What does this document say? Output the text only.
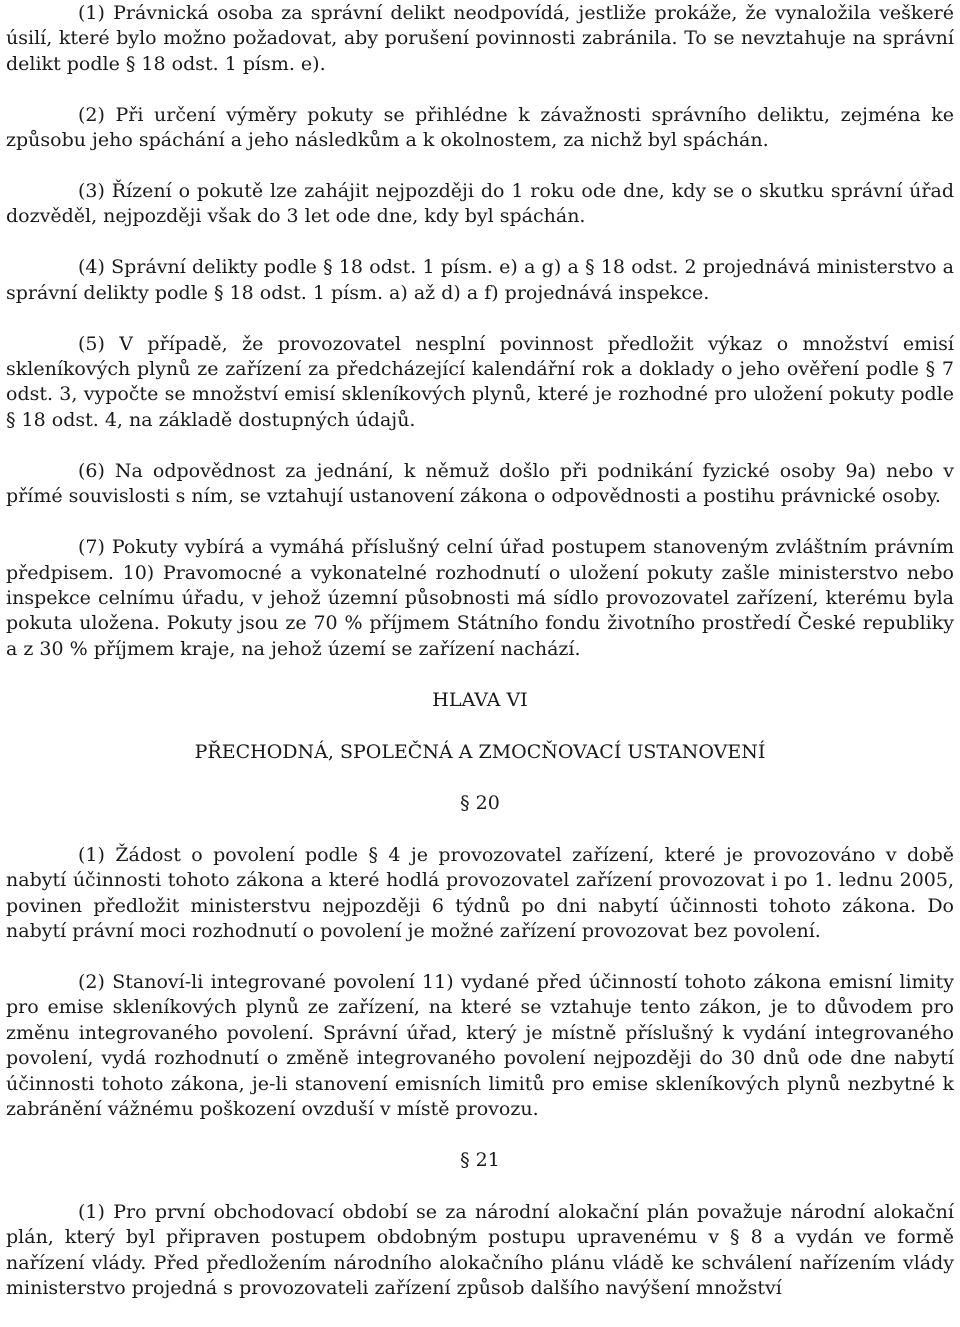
(1) Právnická osoba za správní delikt neodpovídá, jestliže prokáže, že vynaložila veškeré úsilí, které bylo možno požadovat, aby porušení povinnosti zabránila. To se nevztahuje na správní delikt podle § 18 odst. 1 písm. e).

(2) Při určení výměry pokuty se přihlédne k závažnosti správního deliktu, zejména ke způsobu jeho spáchání a jeho následkům a k okolnostem, za nichž byl spáchán.

(3) Řízení o pokutě lze zahájit nejpozději do 1 roku ode dne, kdy se o skutku správní úřad dozvěděl, nejpozději však do 3 let ode dne, kdy byl spáchán.

(4) Správní delikty podle § 18 odst. 1 písm. e) a g) a § 18 odst. 2 projednává ministerstvo a správní delikty podle § 18 odst. 1 písm. a) až d) a f) projednává inspekce.

(5) V případě, že provozovatel nesplní povinnost předložit výkaz o množství emisí skleníkových plynů ze zařízení za předcházející kalendářní rok a doklady o jeho ověření podle § 7 odst. 3, vypočte se množství emisí skleníkových plynů, které je rozhodné pro uložení pokuty podle § 18 odst. 4, na základě dostupných údajů.

(6) Na odpovědnost za jednání, k němuž došlo při podnikání fyzické osoby 9a) nebo v přímé souvislosti s ním, se vztahují ustanovení zákona o odpovědnosti a postihu právnické osoby.

(7) Pokuty vybírá a vymáhá příslušný celní úřad postupem stanoveným zvláštním právním předpisem. 10) Pravomocné a vykonatelné rozhodnutí o uložení pokuty zašle ministerstvo nebo inspekce celnímu úřadu, v jehož územní působnosti má sídlo provozovatel zařízení, kterému byla pokuta uložena. Pokuty jsou ze 70 % příjmem Státního fondu životního prostředí České republiky a z 30 % příjmem kraje, na jehož území se zařízení nachází.

HLAVA VI

PŘECHODNÁ, SPOLEČNÁ A ZMOCŇOVACÍ USTANOVENÍ

§ 20

(1) Žádost o povolení podle § 4 je provozovatel zařízení, které je provozováno v době nabytí účinnosti tohoto zákona a které hodlá provozovatel zařízení provozovat i po 1. lednu 2005, povinen předložit ministerstvu nejpozději 6 týdnů po dni nabytí účinnosti tohoto zákona. Do nabytí právní moci rozhodnutí o povolení je možné zařízení provozovat bez povolení.

(2) Stanoví-li integrované povolení 11) vydané před účinností tohoto zákona emisní limity pro emise skleníkových plynů ze zařízení, na které se vztahuje tento zákon, je to důvodem pro změnu integrovaného povolení. Správní úřad, který je místně příslušný k vydání integrovaného povolení, vydá rozhodnutí o změně integrovaného povolení nejpozději do 30 dnů ode dne nabytí účinnosti tohoto zákona, je-li stanovení emisních limitů pro emise skleníkových plynů nezbytné k zabránění vážnému poškození ovzduší v místě provozu.

§ 21

(1) Pro první obchodovací období se za národní alokační plán považuje národní alokační plán, který byl připraven postupem obdobným postupu upravenému v § 8 a vydán ve formě nařízení vlády. Před předložením národního alokačního plánu vládě ke schválení nařízením vlády ministerstvo projedná s provozovateli zařízení způsob dalšího navýšení množství
